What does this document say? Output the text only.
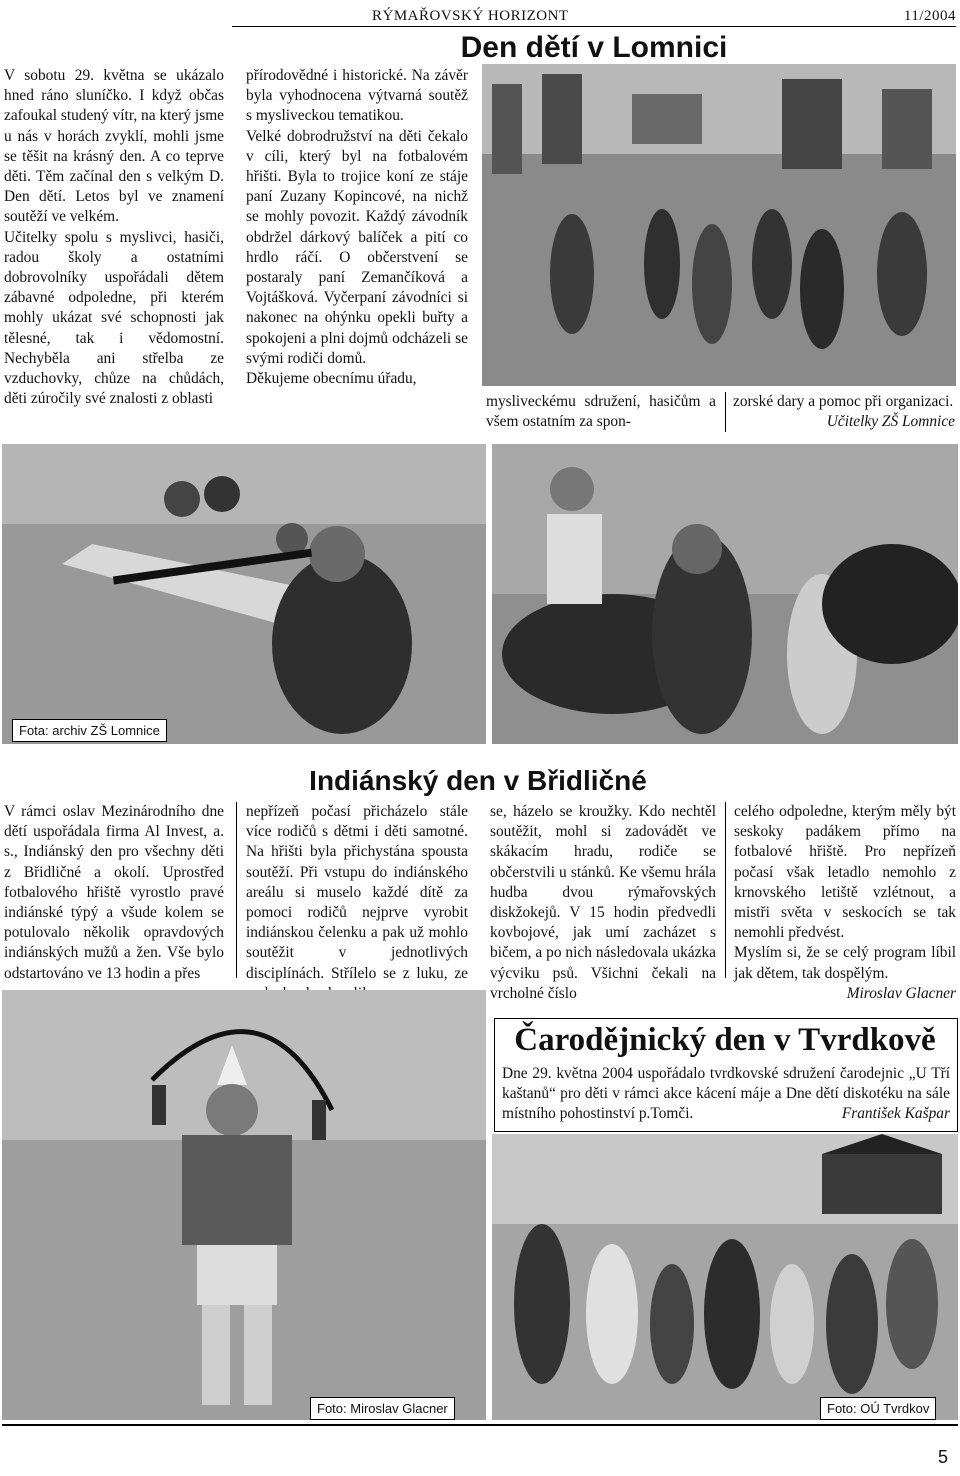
RÝMAŘOVSKÝ HORIZONT	11/2004
Den dětí v Lomnici

V sobotu 29. května se ukázalo hned ráno sluníčko. I když občas zafoukal studený vítr, na který jsme u nás v horách zvyklí, mohli jsme se těšit na krásný den. A co teprve děti. Těm začínal den s velkým D. Den dětí. Letos byl ve znamení soutěží ve velkém.

Učitelky spolu s myslivci, hasiči, radou školy a ostatními dobrovolníky uspořádali dětem zábavné odpoledne, při kterém mohly ukázat své schopnosti jak tělesné, tak i vědomostní. Nechyběla ani střelba ze vzduchovky, chůze na chůdách, děti zúročily své znalosti z oblasti

přírodovědné i historické. Na závěr byla vyhodnocena výtvarná soutěž s mysliveckou tematikou.

Velké dobrodružství na děti čekalo v cíli, který byl na fotbalovém hřišti. Byla to trojice koní ze stáje paní Zuzany Kopincové, na nichž se mohly povozit. Každý závodník obdržel dárkový balíček a pití co hrdlo ráčí. O občerstvení se postaraly paní Zemančíková a Vojtášková. Vyčerpaní závodníci si nakonec na ohýnku opekli buřty a spokojeni a plni dojmů odcházeli se svými rodiči domů.

Děkujeme obecnímu úřadu,

mysliveckému sdružení, hasičům a všem ostatním za spon-
zorské dary a pomoc při organizaci.
Učitelky ZŠ Lomnice
Fota: archiv ZŠ Lomnice
Indiánský den v Břidličné
V rámci oslav Mezinárodního dne dětí uspořádala firma Al Invest, a. s., Indiánský den pro všechny děti z Břidličné a okolí. Uprostřed fotbalového hřiště vyrostlo pravé indiánské týpý a všude kolem se potulovalo několik opravdových indiánských mužů a žen. Vše bylo odstartováno ve 13 hodin a přes
nepřízeň počasí přicházelo stále více rodičů s dětmi i děti samotné. Na hřišti byla přichystána spousta soutěží. Při vstupu do indiánského areálu si muselo každé dítě za pomoci rodičů nejprve vyrobit indiánskou čelenku a pak už mohlo soutěžit v jednotlivých disciplínách. Střílelo se z luku, ze
se, házelo se kroužky. Kdo nechtěl soutěžit, mohl si zadovádět ve skákacím hradu, rodiče se občerstvili u stánků. Ke všemu hrála hudba dvou rýmařovských diskžokejů. V 15 hodin předvedli kovbojové, jak umí zacházet s bičem, a po nich následovala ukázka výcviku psů. Všichni čekali na vrcholné číslo

celého odpoledne, kterým měly být seskoky padákem přímo na fotbalové hřiště. Pro nepřízeň počasí však letadlo nemohlo z krnovského letiště vzlétnout, a mistři světa v seskocích se tak nemohli předvést.

Myslím si, že se celý program líbil jak dětem, tak dospělým.

Miroslav Glacner

Foto: Miroslav Glacner
Čarodějnický den v Tvrdkově
Dne 29. května 2004 uspořádalo tvrdkovské sdružení čarodejnic „U Tří kaštanů“ pro děti v rámci akce kácení máje a Dne dětí diskotéku na sále místního pohostinství p.Tomči.	František Kašpar
Foto: OÚ Tvrdkov
5
